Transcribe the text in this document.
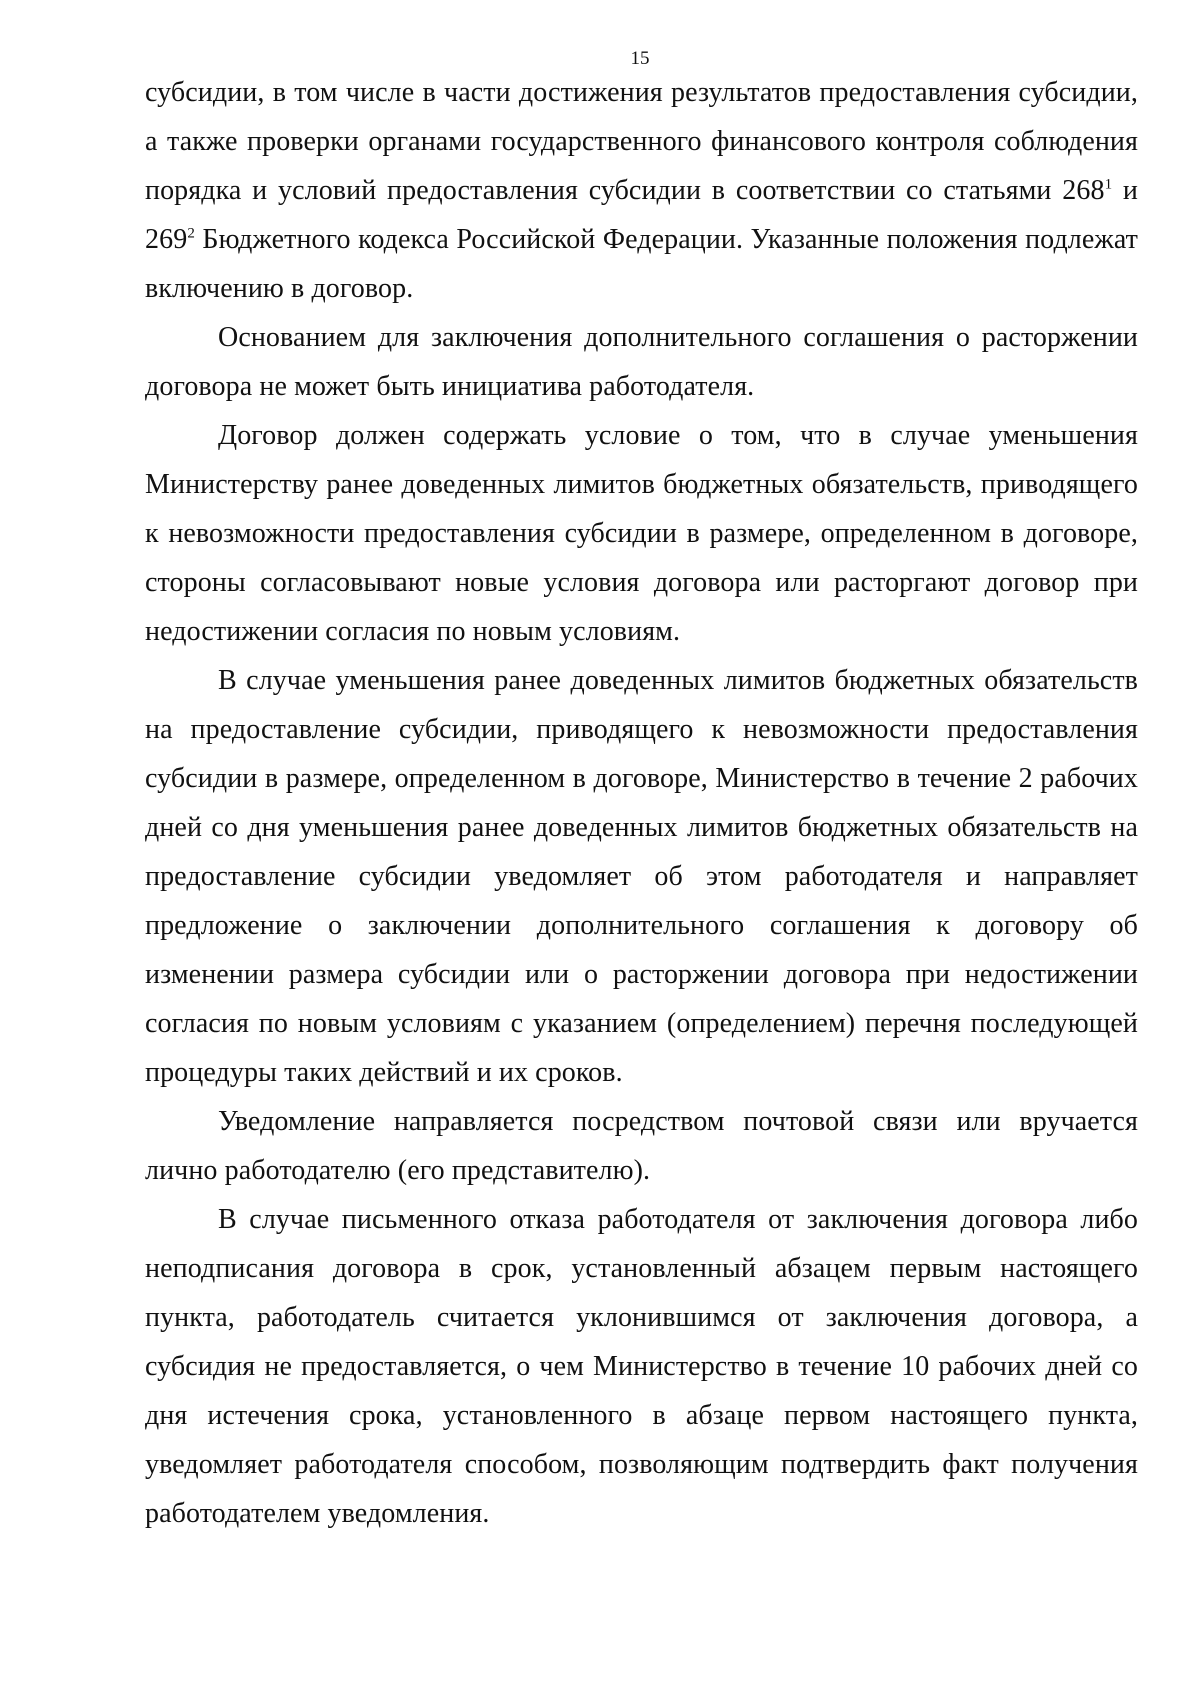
15

субсидии, в том числе в части достижения результатов предоставления субсидии, а также проверки органами государственного финансового контроля соблюдения порядка и условий предоставления субсидии в соответствии со статьями $268^1$ и $269^2$ Бюджетного кодекса Российской Федерации. Указанные положения подлежат включению в договор.

Основанием для заключения дополнительного соглашения о расторжении договора не может быть инициатива работодателя.

Договор должен содержать условие о том, что в случае уменьшения Министерству ранее доведенных лимитов бюджетных обязательств, приводящего к невозможности предоставления субсидии в размере, определенном в договоре, стороны согласовывают новые условия договора или расторгают договор при недостижении согласия по новым условиям.

В случае уменьшения ранее доведенных лимитов бюджетных обязательств на предоставление субсидии, приводящего к невозможности предоставления субсидии в размере, определенном в договоре, Министерство в течение 2 рабочих дней со дня уменьшения ранее доведенных лимитов бюджетных обязательств на предоставление субсидии уведомляет об этом работодателя и направляет предложение о заключении дополнительного соглашения к договору об изменении размера субсидии или о расторжении договора при недостижении согласия по новым условиям с указанием (определением) перечня последующей процедуры таких действий и их сроков.

Уведомление направляется посредством почтовой связи или вручается лично работодателю (его представителю).

В случае письменного отказа работодателя от заключения договора либо неподписания договора в срок, установленный абзацем первым настоящего пункта, работодатель считается уклонившимся от заключения договора, а субсидия не предоставляется, о чем Министерство в течение 10 рабочих дней со дня истечения срока, установленного в абзаце первом настоящего пункта, уведомляет работодателя способом, позволяющим подтвердить факт получения работодателем уведомления.
